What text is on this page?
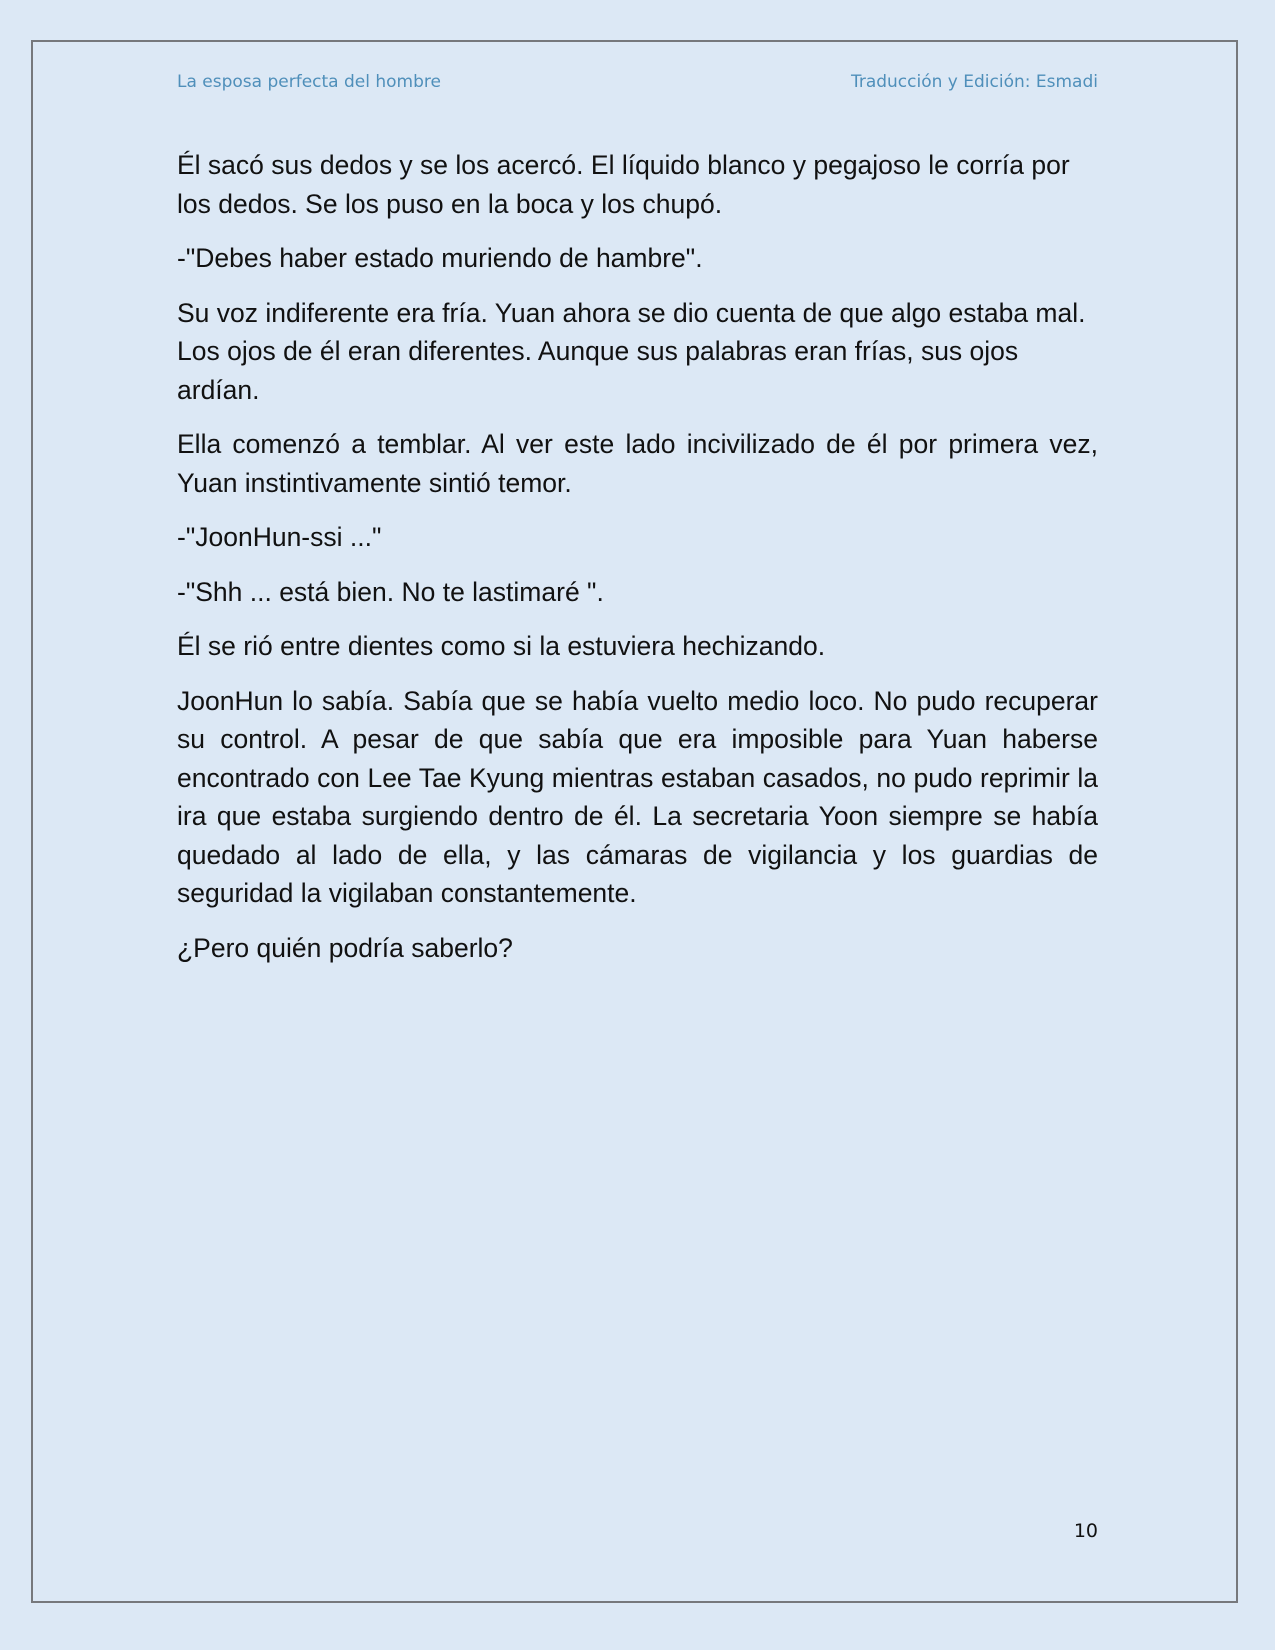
La esposa perfecta del hombre	Traducción y Edición: Esmadi

Él sacó sus dedos y se los acercó. El líquido blanco y pegajoso le corría por los dedos. Se los puso en la boca y los chupó.

-"Debes haber estado muriendo de hambre".

Su voz indiferente era fría. Yuan ahora se dio cuenta de que algo estaba mal. Los ojos de él eran diferentes. Aunque sus palabras eran frías, sus ojos ardían.

Ella comenzó a temblar. Al ver este lado incivilizado de él por primera vez, Yuan instintivamente sintió temor.

-"JoonHun-ssi ..."

-"Shh ... está bien. No te lastimaré ".

Él se rió entre dientes como si la estuviera hechizando.

JoonHun lo sabía. Sabía que se había vuelto medio loco. No pudo recuperar su control. A pesar de que sabía que era imposible para Yuan haberse encontrado con Lee Tae Kyung mientras estaban casados, no pudo reprimir la ira que estaba surgiendo dentro de él. La secretaria Yoon siempre se había quedado al lado de ella, y las cámaras de vigilancia y los guardias de seguridad la vigilaban constantemente.

¿Pero quién podría saberlo?

10
